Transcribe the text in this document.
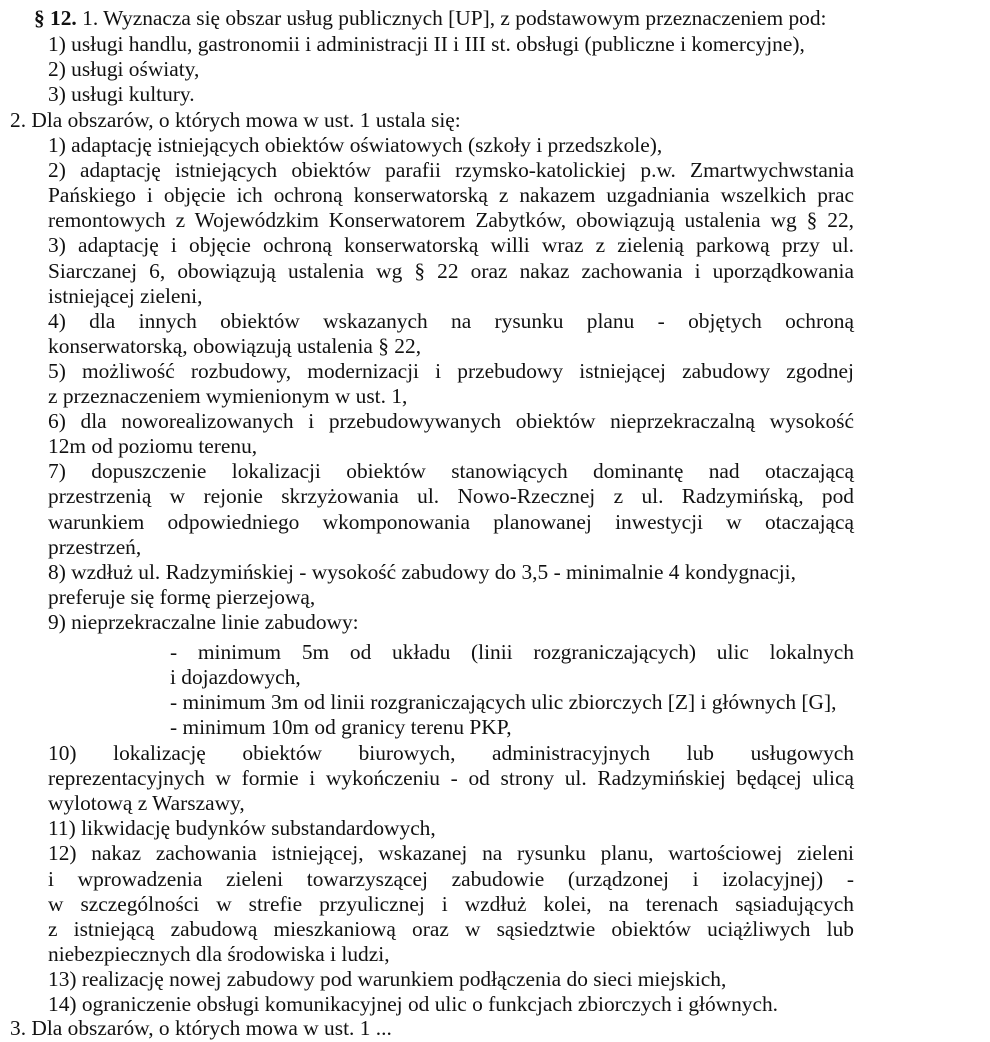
§ 12. 1. Wyznacza się obszar usług publicznych [UP], z podstawowym przeznaczeniem pod:
1) usługi handlu, gastronomii i administracji II i III st. obsługi (publiczne i komercyjne),
2) usługi oświaty,
3) usługi kultury.
2. Dla obszarów, o których mowa w ust. 1 ustala się:
1) adaptację istniejących obiektów oświatowych (szkoły i przedszkole),
2) adaptację istniejących obiektów parafii rzymsko-katolickiej p.w. Zmartwychwstania
Pańskiego i objęcie ich ochroną konserwatorską z nakazem uzgadniania wszelkich prac
remontowych z Wojewódzkim Konserwatorem Zabytków, obowiązują ustalenia wg § 22,
3) adaptację i objęcie ochroną konserwatorską willi wraz z zielenią parkową przy ul.
Siarczanej 6, obowiązują ustalenia wg § 22 oraz nakaz zachowania i uporządkowania
istniejącej zieleni,
4) dla innych obiektów wskazanych na rysunku planu - objętych ochroną
konserwatorską, obowiązują ustalenia § 22,
5) możliwość rozbudowy, modernizacji i przebudowy istniejącej zabudowy zgodnej
z przeznaczeniem wymienionym w ust. 1,
6) dla noworealizowanych i przebudowywanych obiektów nieprzekraczalną wysokość
12m od poziomu terenu,
7) dopuszczenie lokalizacji obiektów stanowiących dominantę nad otaczającą
przestrzenią w rejonie skrzyżowania ul. Nowo-Rzecznej z ul. Radzymińską, pod
warunkiem odpowiedniego wkomponowania planowanej inwestycji w otaczającą
przestrzeń,
8) wzdłuż ul. Radzymińskiej - wysokość zabudowy do 3,5 - minimalnie 4 kondygnacji,
preferuje się formę pierzejową,
9) nieprzekraczalne linie zabudowy:
- minimum 5m od układu (linii rozgraniczających) ulic lokalnych
i dojazdowych,
- minimum 3m od linii rozgraniczających ulic zbiorczych [Z] i głównych [G],
- minimum 10m od granicy terenu PKP,
10) lokalizację obiektów biurowych, administracyjnych lub usługowych
reprezentacyjnych w formie i wykończeniu - od strony ul. Radzymińskiej będącej ulicą
wylotową z Warszawy,
11) likwidację budynków substandardowych,
12) nakaz zachowania istniejącej, wskazanej na rysunku planu, wartościowej zieleni
i wprowadzenia zieleni towarzyszącej zabudowie (urządzonej i izolacyjnej) -
w szczególności w strefie przyulicznej i wzdłuż kolei, na terenach sąsiadujących
z istniejącą zabudową mieszkaniową oraz w sąsiedztwie obiektów uciążliwych lub
niebezpiecznych dla środowiska i ludzi,
13) realizację nowej zabudowy pod warunkiem podłączenia do sieci miejskich,
14) ograniczenie obsługi komunikacyjnej od ulic o funkcjach zbiorczych i głównych.
3. Dla obszarów, o których mowa w ust. 1 ...
